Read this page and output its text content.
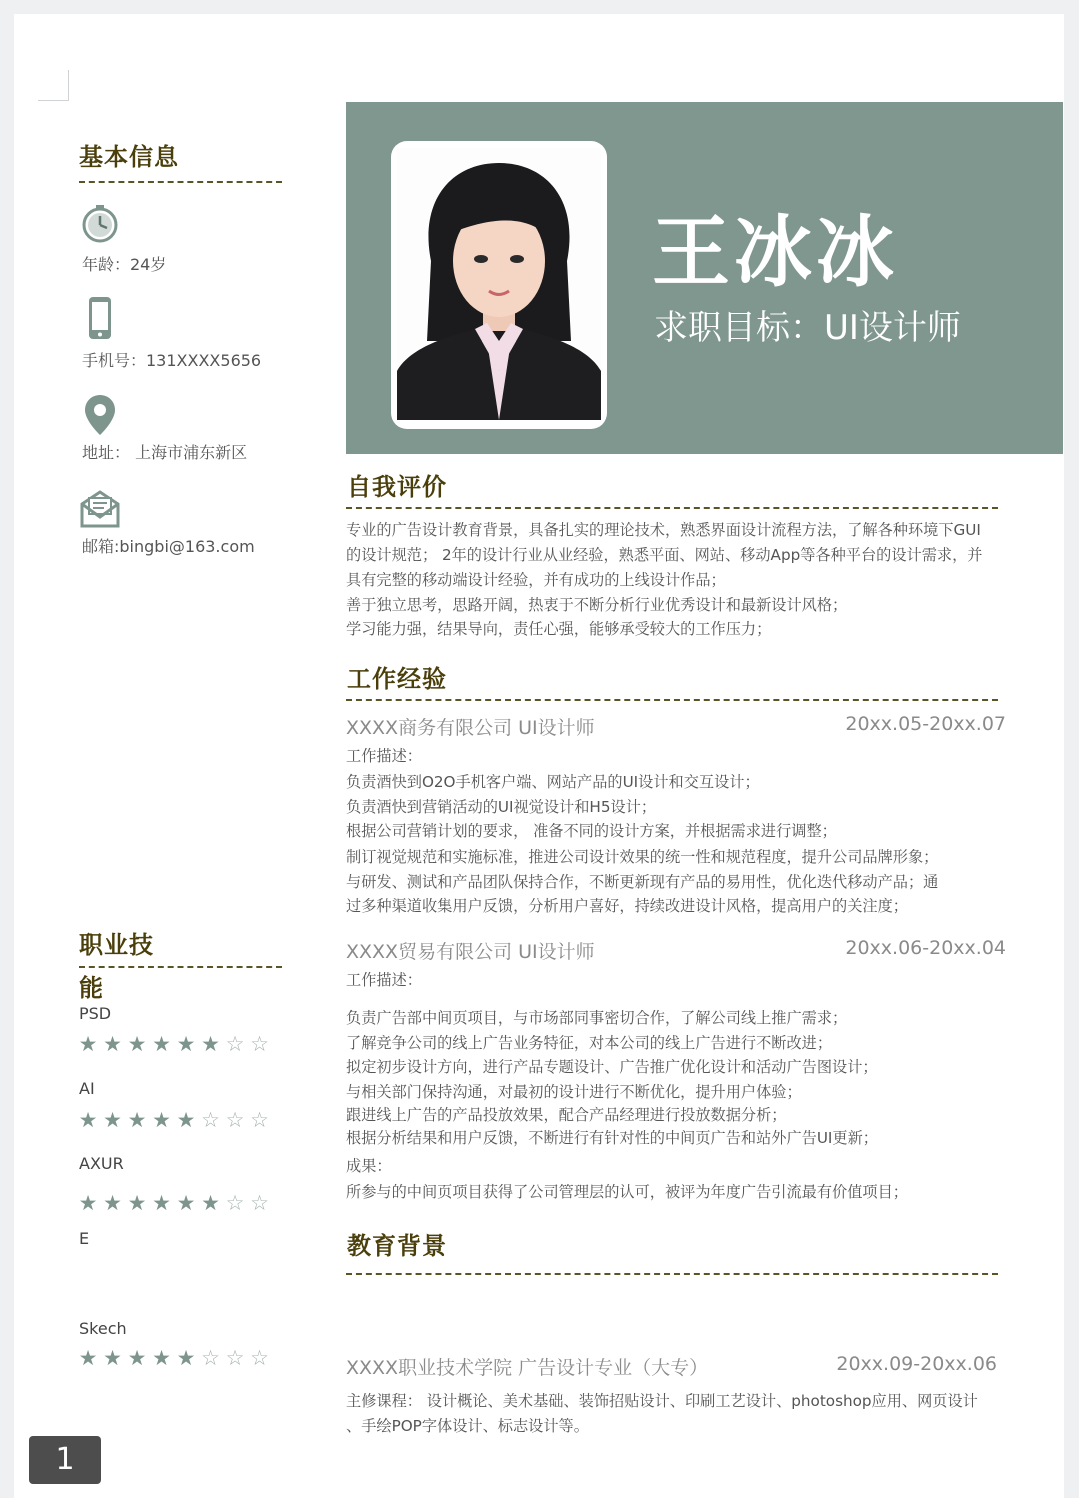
基本信息
年龄：24岁
手机号：131XXXX5656
地址： 上海市浦东新区
邮箱:bingbi@163.com
职业技
能
PSD
★ ★ ★ ★ ★ ★ ☆ ☆
AI
★ ★ ★ ★ ★ ☆ ☆ ☆
AXUR
★ ★ ★ ★ ★ ★ ☆ ☆
E
Skech
★ ★ ★ ★ ★ ☆ ☆ ☆
王冰冰
求职目标：UI设计师
自我评价
专业的广告设计教育背景，具备扎实的理论技术，熟悉界面设计流程方法，了解各种环境下GUI
的设计规范； 2年的设计行业从业经验，熟悉平面、网站、移动App等各种平台的设计需求，并
具有完整的移动端设计经验，并有成功的上线设计作品；
善于独立思考，思路开阔，热衷于不断分析行业优秀设计和最新设计风格；
学习能力强，结果导向，责任心强，能够承受较大的工作压力；
工作经验
XXXX商务有限公司 UI设计师	20xx.05-20xx.07
工作描述：
负责酒快到O2O手机客户端、网站产品的UI设计和交互设计；
负责酒快到营销活动的UI视觉设计和H5设计；
根据公司营销计划的要求， 准备不同的设计方案，并根据需求进行调整；
制订视觉规范和实施标准，推进公司设计效果的统一性和规范程度，提升公司品牌形象；
与研发、测试和产品团队保持合作，不断更新现有产品的易用性，优化迭代移动产品；通
过多种渠道收集用户反馈，分析用户喜好，持续改进设计风格，提高用户的关注度；
XXXX贸易有限公司 UI设计师	20xx.06-20xx.04
工作描述：
负责广告部中间页项目，与市场部同事密切合作，了解公司线上推广需求；
了解竞争公司的线上广告业务特征，对本公司的线上广告进行不断改进；
拟定初步设计方向，进行产品专题设计、广告推广优化设计和活动广告图设计；
与相关部门保持沟通，对最初的设计进行不断优化，提升用户体验；
跟进线上广告的产品投放效果，配合产品经理进行投放数据分析；
根据分析结果和用户反馈，不断进行有针对性的中间页广告和站外广告UI更新；
成果：
所参与的中间页项目获得了公司管理层的认可，被评为年度广告引流最有价值项目；
教育背景
XXXX职业技术学院 广告设计专业（大专）	20xx.09-20xx.06
主修课程： 设计概论、美术基础、装饰招贴设计、印刷工艺设计、photoshop应用、网页设计
、手绘POP字体设计、标志设计等。
1
